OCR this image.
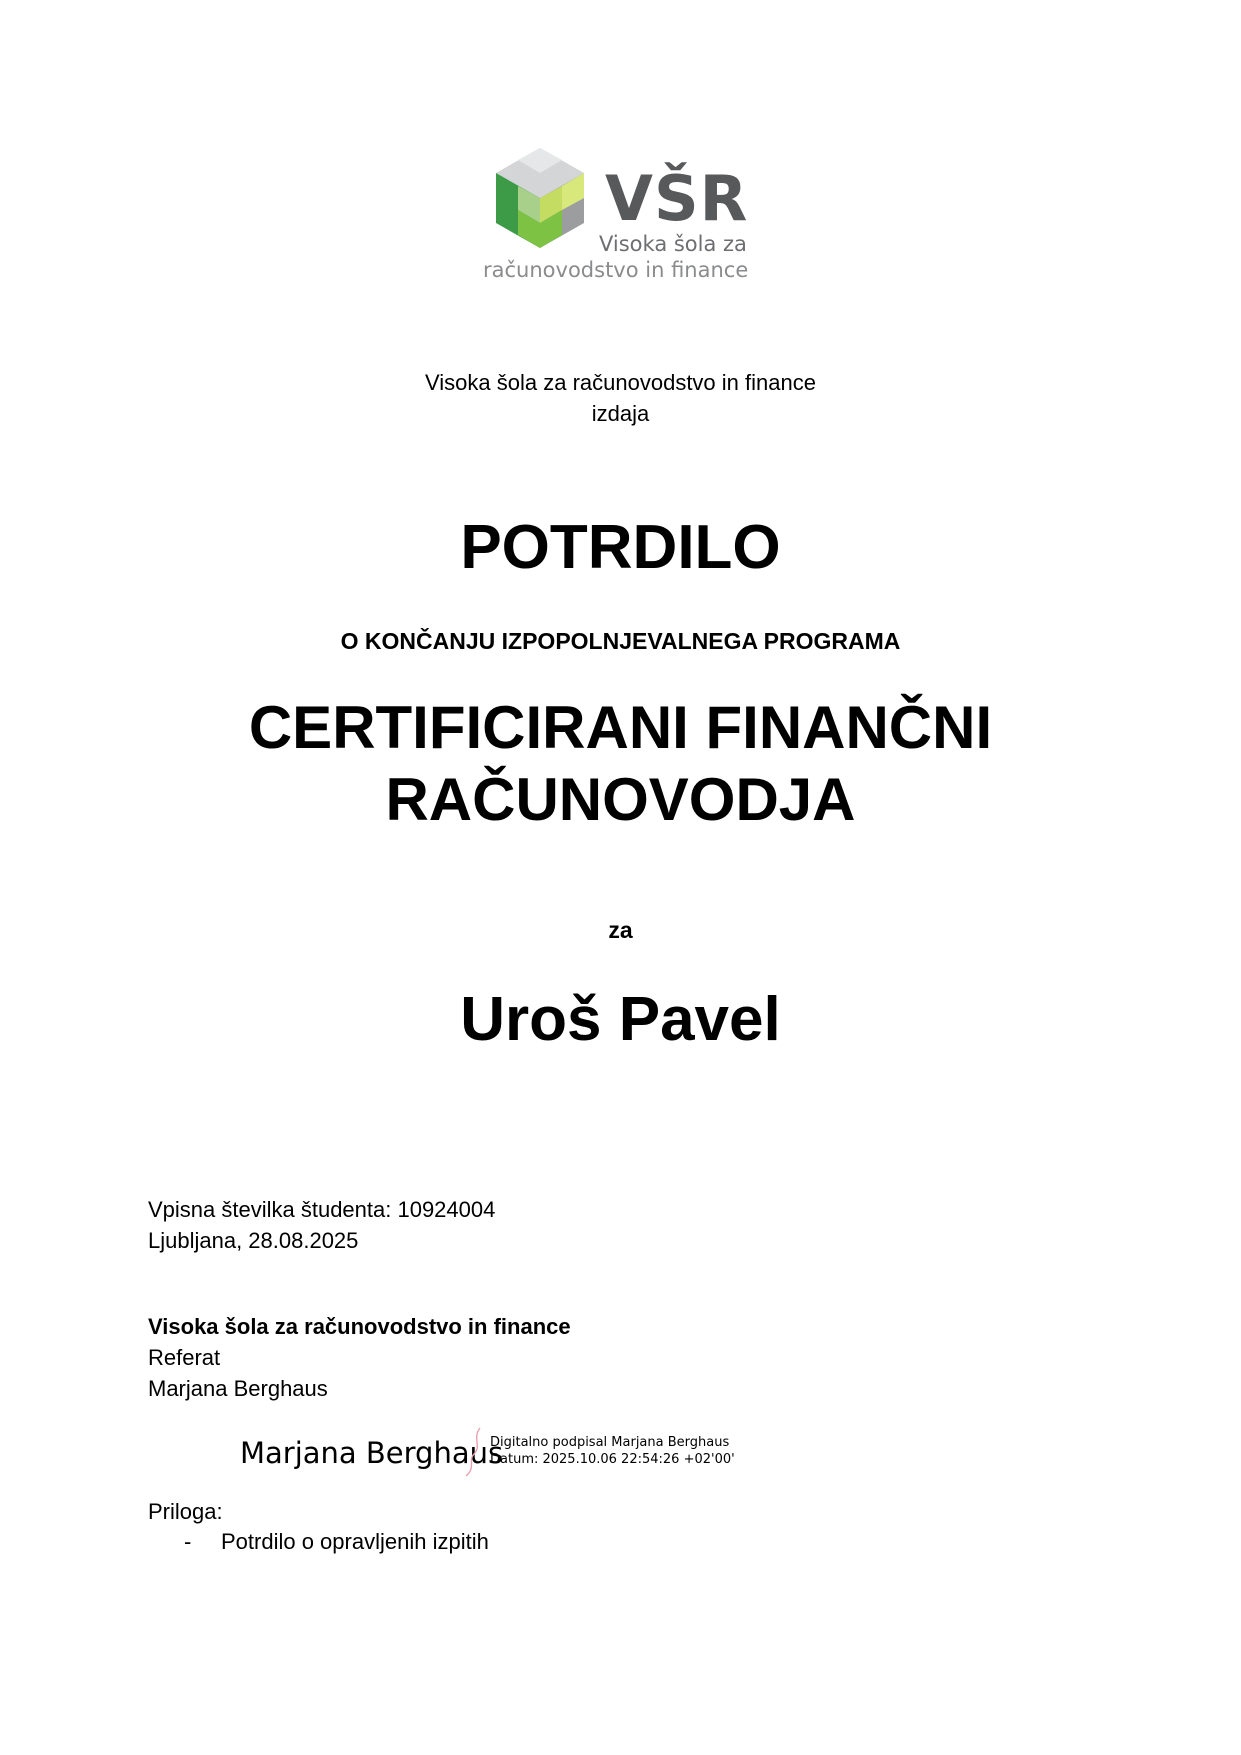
VŠR
Visoka šola za
računovodstvo in finance
Visoka šola za računovodstvo in finance
izdaja
POTRDILO
O KONČANJU IZPOPOLNJEVALNEGA PROGRAMA
CERTIFICIRANI FINANČNI
RAČUNOVODJA
za
Uroš Pavel
Vpisna številka študenta: 10924004
Ljubljana, 28.08.2025
Visoka šola za računovodstvo in finance
Referat
Marjana Berghaus
Marjana Berghaus
Digitalno podpisal Marjana Berghaus
Datum: 2025.10.06 22:54:26 +02'00'
Priloga:
- Potrdilo o opravljenih izpitih
